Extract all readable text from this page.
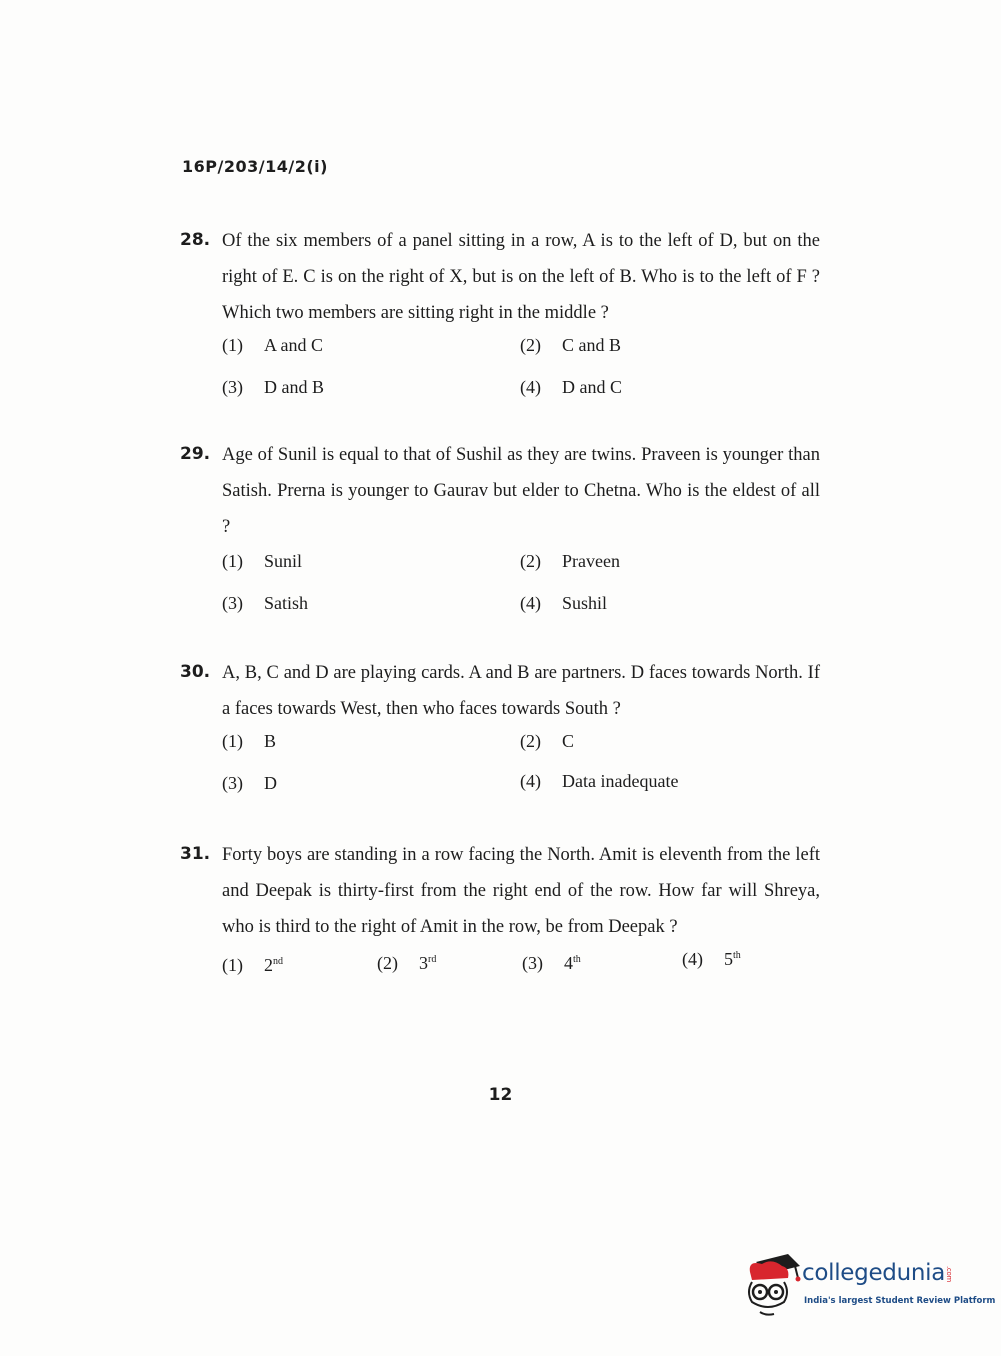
16P/203/14/2(i)
28. Of the six members of a panel sitting in a row, A is to the left of D, but on the right of E. C is on the right of X, but is on the left of B. Who is to the left of F ? Which two members are sitting right in the middle ?
(1) A and C	(2) C and B
(3) D and B	(4) D and C
29. Age of Sunil is equal to that of Sushil as they are twins. Praveen is younger than Satish. Prerna is younger to Gaurav but elder to Chetna. Who is the eldest of all ?
(1) Sunil	(2) Praveen
(3) Satish	(4) Sushil
30. A, B, C and D are playing cards. A and B are partners. D faces towards North. If a faces towards West, then who faces towards South ?
(1) B	(2) C
(3) D	(4) Data inadequate
31. Forty boys are standing in a row facing the North. Amit is eleventh from the left and Deepak is thirty-first from the right end of the row. How far will Shreya, who is third to the right of Amit in the row, be from Deepak ?
(1) 2nd	(2) 3rd	(3) 4th	(4) 5th
12
collegedunia.com
India's largest Student Review Platform
